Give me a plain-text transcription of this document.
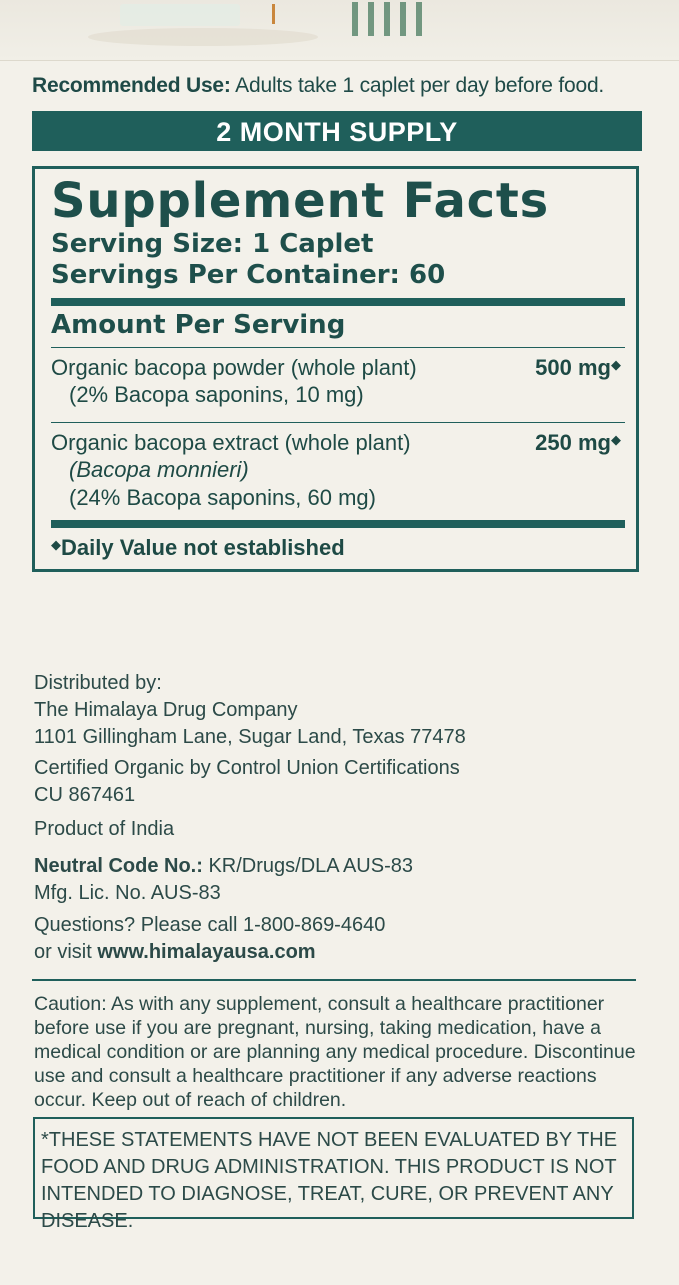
Recommended Use: Adults take 1 caplet per day before food.
2 MONTH SUPPLY
Supplement Facts
Serving Size: 1 Caplet
Servings Per Container: 60
Amount Per Serving
Organic bacopa powder (whole plant)
(2% Bacopa saponins, 10 mg)
500 mg◆
Organic bacopa extract (whole plant)
(Bacopa monnieri)
(24% Bacopa saponins, 60 mg)
250 mg◆
◆Daily Value not established
Distributed by:
The Himalaya Drug Company
1101 Gillingham Lane, Sugar Land, Texas 77478
Certified Organic by Control Union Certifications
CU 867461
Product of India
Neutral Code No.: KR/Drugs/DLA AUS-83
Mfg. Lic. No. AUS-83
Questions? Please call 1-800-869-4640
or visit www.himalayausa.com
Caution: As with any supplement, consult a healthcare practitioner before use if you are pregnant, nursing, taking medication, have a medical condition or are planning any medical procedure. Discontinue use and consult a healthcare practitioner if any adverse reactions occur. Keep out of reach of children.
*THESE STATEMENTS HAVE NOT BEEN EVALUATED BY THE FOOD AND DRUG ADMINISTRATION. THIS PRODUCT IS NOT INTENDED TO DIAGNOSE, TREAT, CURE, OR PREVENT ANY DISEASE.
